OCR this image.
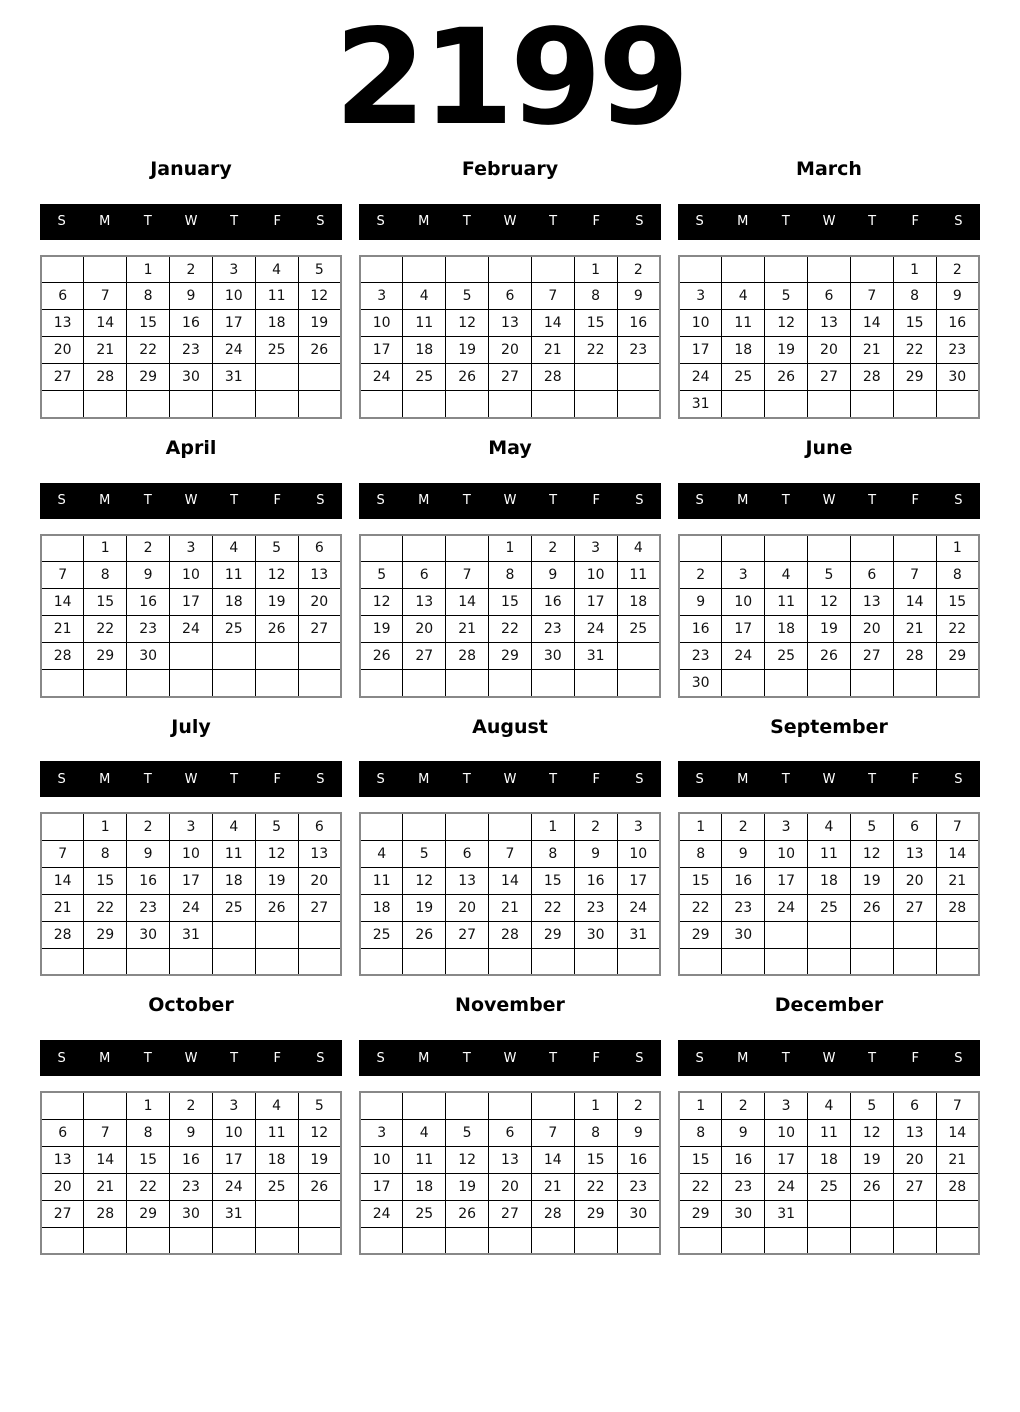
2199
January
S	M	T	W	T	F	S
		1	2	3	4	5
6	7	8	9	10	11	12
13	14	15	16	17	18	19
20	21	22	23	24	25	26
27	28	29	30	31		

February
S	M	T	W	T	F	S
					1	2
3	4	5	6	7	8	9
10	11	12	13	14	15	16
17	18	19	20	21	22	23
24	25	26	27	28		

March
S	M	T	W	T	F	S
					1	2
3	4	5	6	7	8	9
10	11	12	13	14	15	16
17	18	19	20	21	22	23
24	25	26	27	28	29	30
31						
April
S	M	T	W	T	F	S
	1	2	3	4	5	6
7	8	9	10	11	12	13
14	15	16	17	18	19	20
21	22	23	24	25	26	27
28	29	30				

May
S	M	T	W	T	F	S
			1	2	3	4
5	6	7	8	9	10	11
12	13	14	15	16	17	18
19	20	21	22	23	24	25
26	27	28	29	30	31	

June
S	M	T	W	T	F	S
						1
2	3	4	5	6	7	8
9	10	11	12	13	14	15
16	17	18	19	20	21	22
23	24	25	26	27	28	29
30						
July
S	M	T	W	T	F	S
	1	2	3	4	5	6
7	8	9	10	11	12	13
14	15	16	17	18	19	20
21	22	23	24	25	26	27
28	29	30	31			

August
S	M	T	W	T	F	S
				1	2	3
4	5	6	7	8	9	10
11	12	13	14	15	16	17
18	19	20	21	22	23	24
25	26	27	28	29	30	31

September
S	M	T	W	T	F	S
1	2	3	4	5	6	7
8	9	10	11	12	13	14
15	16	17	18	19	20	21
22	23	24	25	26	27	28
29	30					

October
S	M	T	W	T	F	S
		1	2	3	4	5
6	7	8	9	10	11	12
13	14	15	16	17	18	19
20	21	22	23	24	25	26
27	28	29	30	31		

November
S	M	T	W	T	F	S
					1	2
3	4	5	6	7	8	9
10	11	12	13	14	15	16
17	18	19	20	21	22	23
24	25	26	27	28	29	30

December
S	M	T	W	T	F	S
1	2	3	4	5	6	7
8	9	10	11	12	13	14
15	16	17	18	19	20	21
22	23	24	25	26	27	28
29	30	31				
